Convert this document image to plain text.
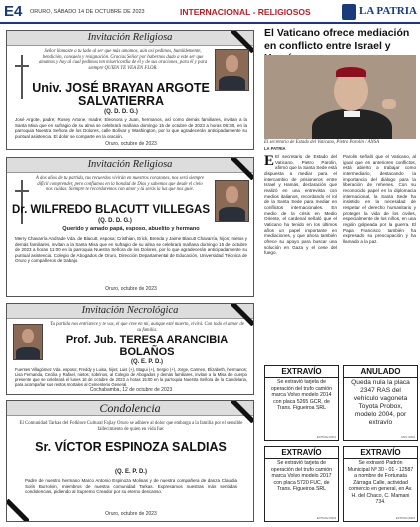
E4 ORURO, SÁBADO 14 DE OCTUBRE DE 2023	INTERNACIONAL - RELIGIOSOS	LA PATRIA
Invitación Religiosa
Señor llamaste a tu lado al ser que más amamos, aún así pedimos, humildemente, bendición, consuelo y resignación. Gracias Señor por habernos dado a este ser que amamos y hoy al cual pedimos ten misericordia de él y de sus oraciones, para él y para siempre QUIEN TE VEA EN FLOR.
Univ. JOSÉ BRAYAN ARGOTE SALVATIERRA
(Q. D. D. G.)
José Argote, padre; Rosey Artone, madre; Eleonora y Juan, hermanos, así como demás familiares, invitan a la Santa Misa que en sufragio de su alma se celebrará mañana domingo 15 de octubre de 2023 a horas 08:30, en la parroquia Nuestra Señora de los Dolores, calle Bolívar y Washington, por lo que agradecerán anticipadamente su puntual asistencia. El dolor se comparte en la oración.
Oruro, octubre de 2023
Invitación Religiosa
A dos años de tu partida, tus recuerdos vivirán en nuestros corazones, nos será siempre difícil comprender, pero confiamos en la bondad de Dios y sabemos que desde el cielo nos cuidas. Siempre te recordaremos con amor y tú serás la luz que nos guíe.
Dr. WILFREDO BLACUTT VILLEGAS
(Q. D. D. G.)
Querido y amado papá, esposo, abuelito y hermano
Merry Chavarría Andrade Vda. de Blacutt, esposa; Cristhian, Erick, Brenda y Jaime Blacutt Chavarría, hijos; nietos y demás familiares, invitan a la Santa Misa que en sufragio de su alma se celebrará mañana domingo 15 de octubre de 2023 a horas 11:00 en la parroquia Nuestra Señora de los Dolores, por lo que agradecerán anticipadamente su puntual asistencia. Colegio de Abogados de Oruro, Dirección Departamental de Educación, Universidad Técnica de Oruro y compañeros de trabajo.
Oruro, octubre de 2023
Invitación Necrológica
Tu partida nos entristece y te vas, el que cree en mí, aunque esté muerto, vivirá. Con todo el amor de su familia.
Prof. Jub. TERESA ARANCIBIA BOLAÑOS
(Q. E. P. D.)
Fuentes Villagómez Vda. esposo; Freddy y Luisa, hijos; Luis (+), Magui (+), Sergio (+), Jorge, Carmen, Elizabeth, hermanos; Lisa Fernanda, Cecilia y Rafael, nietos; sobrinos, al Colegio de Abogados y demás familiares, invitan a la Misa de cuerpo presente que se celebrará el lunes 16 de octubre de 2023 a horas 15:00 en la parroquia Nuestra Señora de la Candelaria, para acompañar sus restos mortales al Cementerio General.
Cochabamba, 12 de octubre de 2023
Condolencia
El Comunidad Tarkas del Folklore Cultural Fajlay Oruro se adhiere al dolor que embarga a la familia por el sensible fallecimiento de quien en vida fue:
Sr. VÍCTOR ESPINOZA SALDIAS
(Q. E. P. D.)
Padre de nuestro hermano Marco Antonio Espinoza Molinas y de nuestra compañera de danza Claudia Solís Burrolvin, miembros de nuestra comunidad Tarkas. Expresamos nuestras más sentidas condolencias, pidiendo al Supremo Creador por su eterno descanso.
Oruro, octubre de 2023
El Vaticano ofrece mediación en conflicto entre Israel y
El secretario de Estado del Vaticano, Pietro Parolin / ANSA
LA PATRIA
E El secretario de Estado del Vaticano, Pietro Parolin, afirmó que la Santa Sede está dispuesta a mediar para el intercambio de prisioneros entre Israel y Hamás, declaración que realizó en una entrevista con medios italianos, recordando el rol de la Santa Sede para mediar en conflictos internacionales. En medio de la crisis en Medio Oriente, el cardenal señaló que el Vaticano ha tenido en los últimos años un papel importante en mediaciones, y que ahora también ofrece su apoyo para buscar una solución en Gaza y el cese del fuego.
Parolin señaló que el Vaticano, al igual que en anteriores conflictos, está abierto a trabajar como intermediario, destacando la importancia del diálogo para la liberación de rehenes. Con su reconocido papel en la diplomacia internacional, la Santa Sede ha insistido en la necesidad de respetar el derecho humanitario y proteger la vida de los civiles, especialmente de los niños, en una región golpeada por la guerra. El Papa Francisco también ha expresado su preocupación y ha llamado a la paz.
EXTRAVÍO
Se extravió tarjeta de operación del trufo camión marca Volvo modelo 2014 con placa 5265 GCR, de Trans. Figueiroa SRL
EXTRAV-0001
ANULADO
Queda nula la placa 2347 RAS del vehículo vagoneta Toyota Probox, modelo 2004, por extravío
ANU-0002
EXTRAVÍO
Se extravió tarjeta de operación del trufo camión marca Volvo modelo 2017 con placa 5720 FUC, de Trans. Figueiroa SRL
EXTRAV-0003
EXTRAVÍO
Se extravió Padrón Municipal Nº 30 - 01 - 12587 a nombre de Fortunata Zárraga Calle, actividad comercio en general, en Av. H. del Chaco, C. Mamani 734.
EXTRAV-0004
